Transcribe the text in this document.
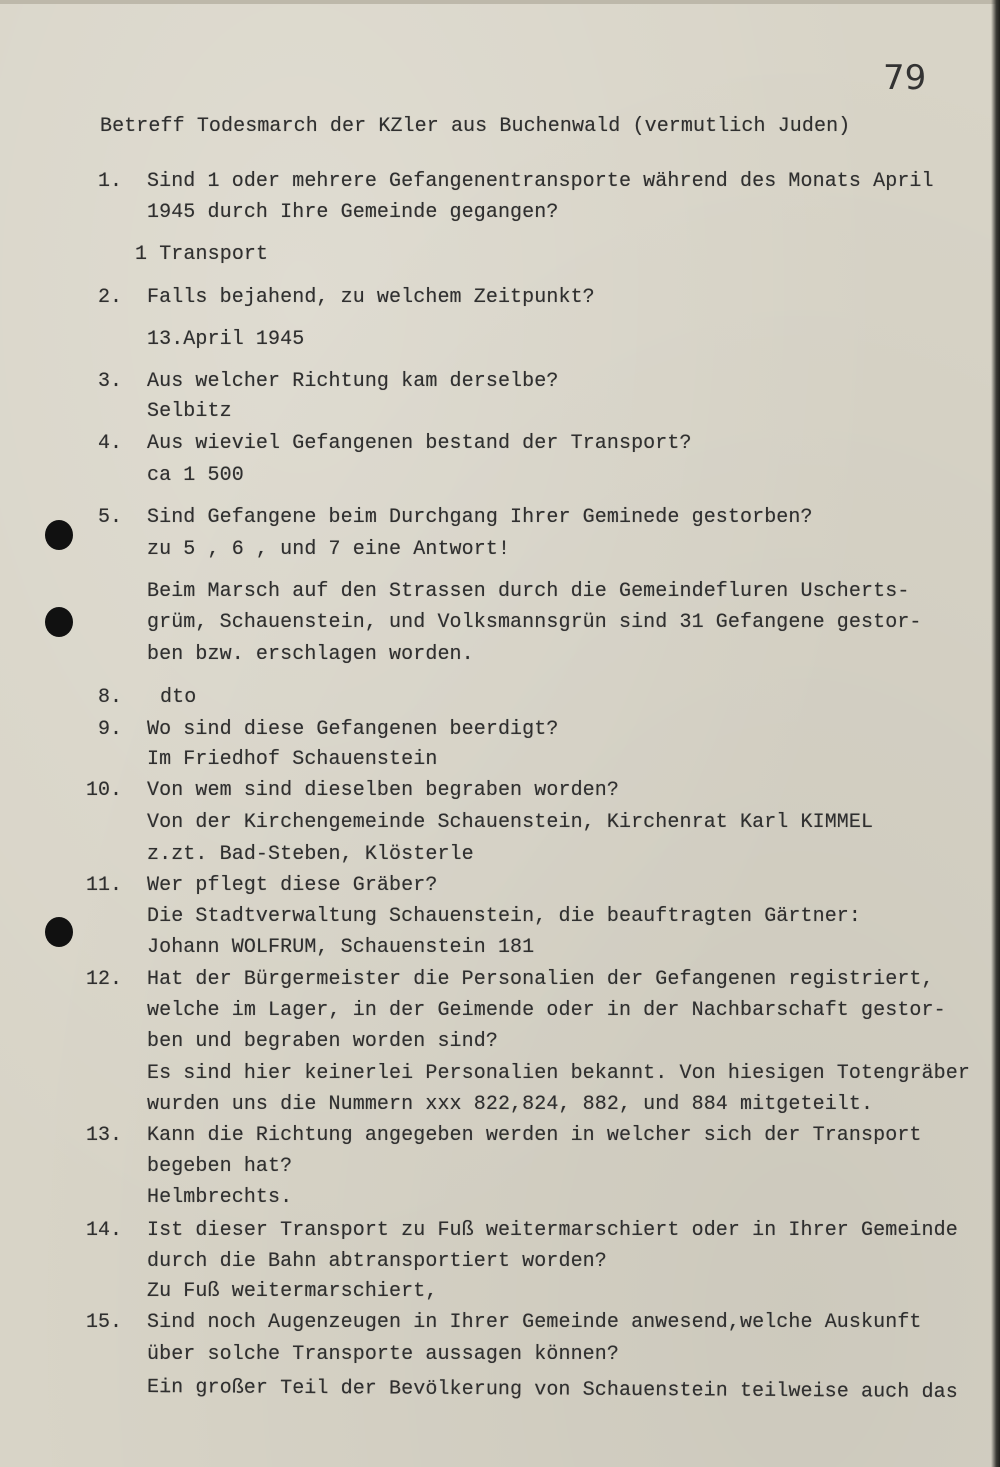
79
Betreff Todesmarch der KZler aus Buchenwald (vermutlich Juden)
1. Sind 1 oder mehrere Gefangenentransporte während des Monats April
1945 durch Ihre Gemeinde gegangen?
1 Transport
2. Falls bejahend, zu welchem Zeitpunkt?
13.April 1945
3. Aus welcher Richtung kam derselbe?
Selbitz
4. Aus wieviel Gefangenen bestand der Transport?
ca 1 500
5. Sind Gefangene beim Durchgang Ihrer Geminede gestorben?
zu 5 , 6 , und 7 eine Antwort!
Beim Marsch auf den Strassen durch die Gemeindefluren Uscherts-
grüm, Schauenstein, und Volksmannsgrün sind 31 Gefangene gestor-
ben bzw. erschlagen worden.
8. dto
9. Wo sind diese Gefangenen beerdigt?
Im Friedhof Schauenstein
10. Von wem sind dieselben begraben worden?
Von der Kirchengemeinde Schauenstein, Kirchenrat Karl KIMMEL
z.zt. Bad-Steben, Klösterle
11. Wer pflegt diese Gräber?
Die Stadtverwaltung Schauenstein, die beauftragten Gärtner:
Johann WOLFRUM, Schauenstein 181
12. Hat der Bürgermeister die Personalien der Gefangenen registriert,
welche im Lager, in der Geimende oder in der Nachbarschaft gestor-
ben und begraben worden sind?
Es sind hier keinerlei Personalien bekannt. Von hiesigen Totengräber
wurden uns die Nummern xxx 822,824, 882, und 884 mitgeteilt.
13. Kann die Richtung angegeben werden in welcher sich der Transport
begeben hat?
Helmbrechts.
14. Ist dieser Transport zu Fuß weitermarschiert oder in Ihrer Gemeinde
durch die Bahn abtransportiert worden?
Zu Fuß weitermarschiert,
15. Sind noch Augenzeugen in Ihrer Gemeinde anwesend,welche Auskunft
über solche Transporte aussagen können?
Ein großer Teil der Bevölkerung von Schauenstein teilweise auch das
